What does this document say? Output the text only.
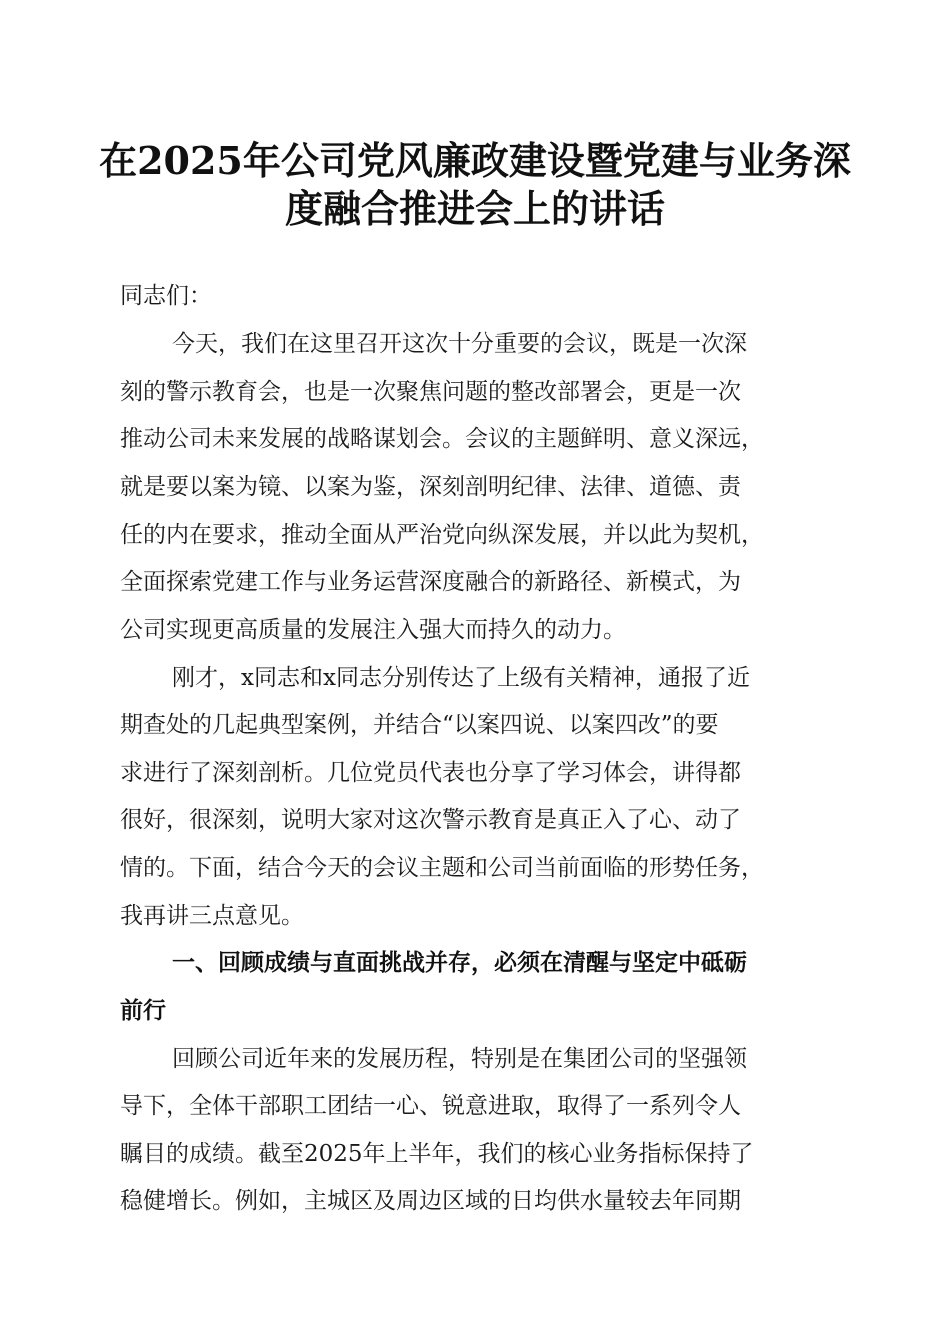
在2025年公司党风廉政建设暨党建与业务深
度融合推进会上的讲话

同志们：

今天，我们在这里召开这次十分重要的会议，既是一次深

刻的警示教育会，也是一次聚焦问题的整改部署会，更是一次

推动公司未来发展的战略谋划会。会议的主题鲜明、意义深远，

就是要以案为镜、以案为鉴，深刻剖明纪律、法律、道德、责

任的内在要求，推动全面从严治党向纵深发展，并以此为契机，

全面探索党建工作与业务运营深度融合的新路径、新模式，为

公司实现更高质量的发展注入强大而持久的动力。

刚才，x同志和x同志分别传达了上级有关精神，通报了近

期查处的几起典型案例，并结合“以案四说、以案四改”的要

求进行了深刻剖析。几位党员代表也分享了学习体会，讲得都

很好，很深刻，说明大家对这次警示教育是真正入了心、动了

情的。下面，结合今天的会议主题和公司当前面临的形势任务，

我再讲三点意见。

一、回顾成绩与直面挑战并存，必须在清醒与坚定中砥砺

前行

回顾公司近年来的发展历程，特别是在集团公司的坚强领

导下，全体干部职工团结一心、锐意进取，取得了一系列令人

瞩目的成绩。截至2025年上半年，我们的核心业务指标保持了

稳健增长。例如，主城区及周边区域的日均供水量较去年同期
